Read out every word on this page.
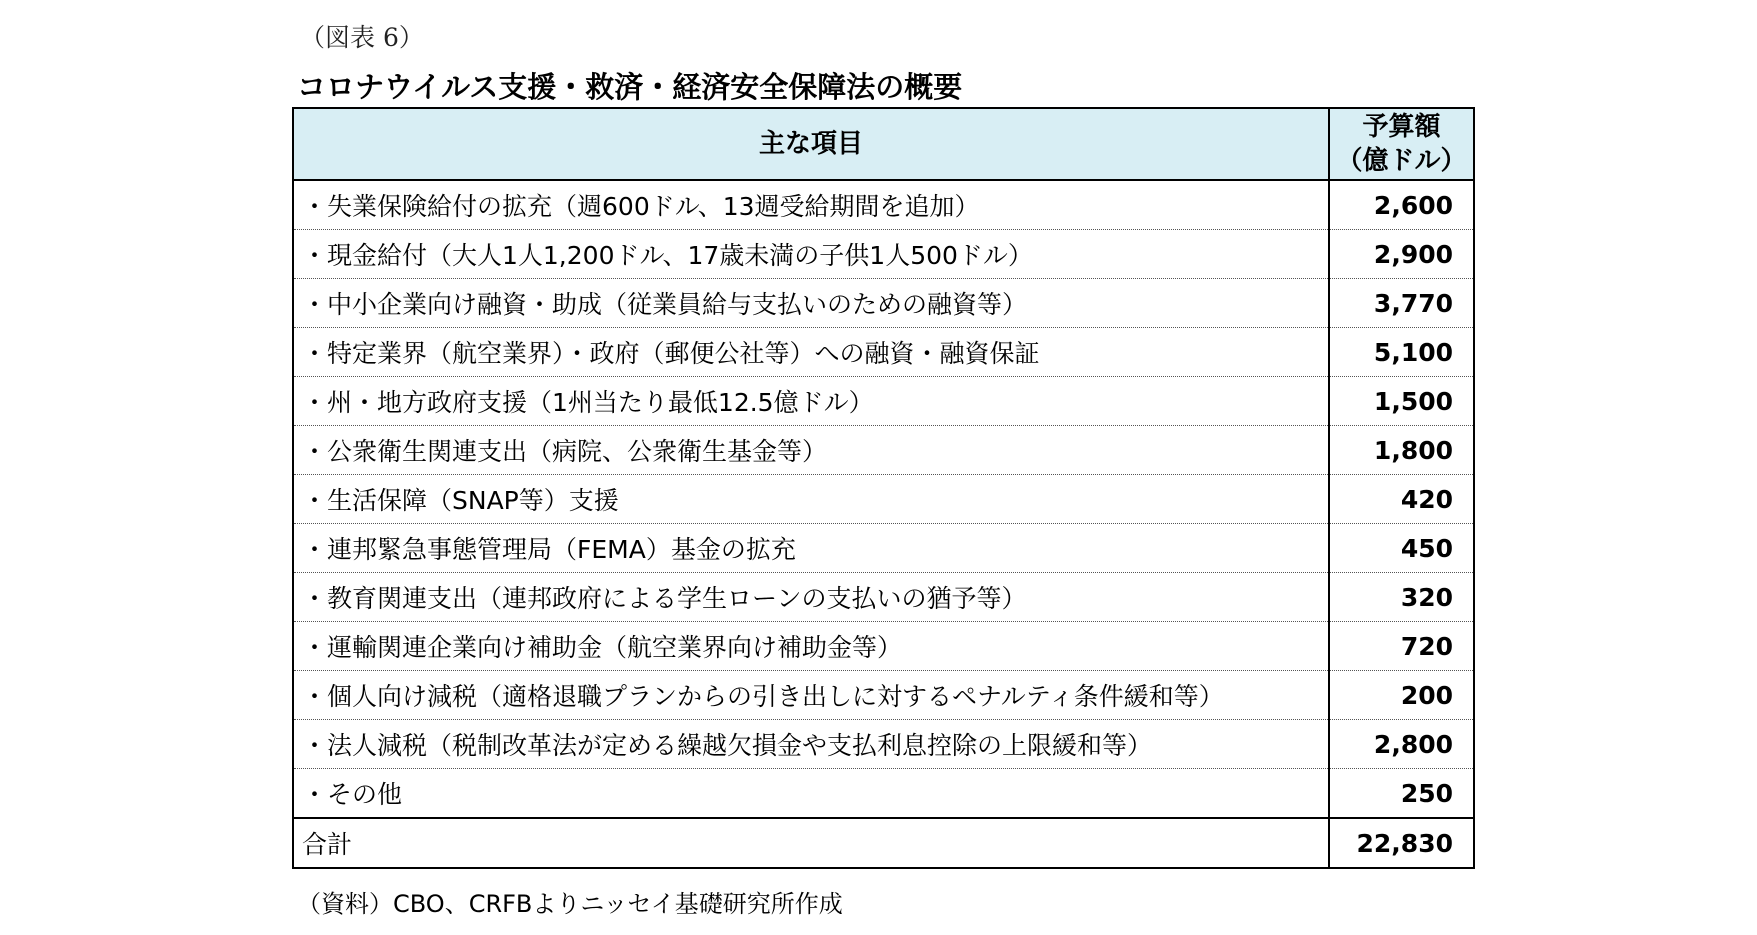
（図表 6）
コロナウイルス支援・救済・経済安全保障法の概要
主な項目	予算額
（億ドル）

・失業保険給付の拡充（週600ドル、13週受給期間を追加）	2,600
・現金給付（大人1人1,200ドル、17歳未満の子供1人500ドル）	2,900
・中小企業向け融資・助成（従業員給与支払いのための融資等）	3,770
・特定業界（航空業界）・政府（郵便公社等）への融資・融資保証	5,100
・州・地方政府支援（1州当たり最低12.5億ドル）	1,500
・公衆衛生関連支出（病院、公衆衛生基金等）	1,800
・生活保障（SNAP等）支援	420
・連邦緊急事態管理局（FEMA）基金の拡充	450
・教育関連支出（連邦政府による学生ローンの支払いの猶予等）	320
・運輸関連企業向け補助金（航空業界向け補助金等）	720
・個人向け減税（適格退職プランからの引き出しに対するペナルティ条件緩和等）	200
・法人減税（税制改革法が定める繰越欠損金や支払利息控除の上限緩和等）	2,800
・その他	250
合計	22,830
（資料）CBO、CRFBよりニッセイ基礎研究所作成
